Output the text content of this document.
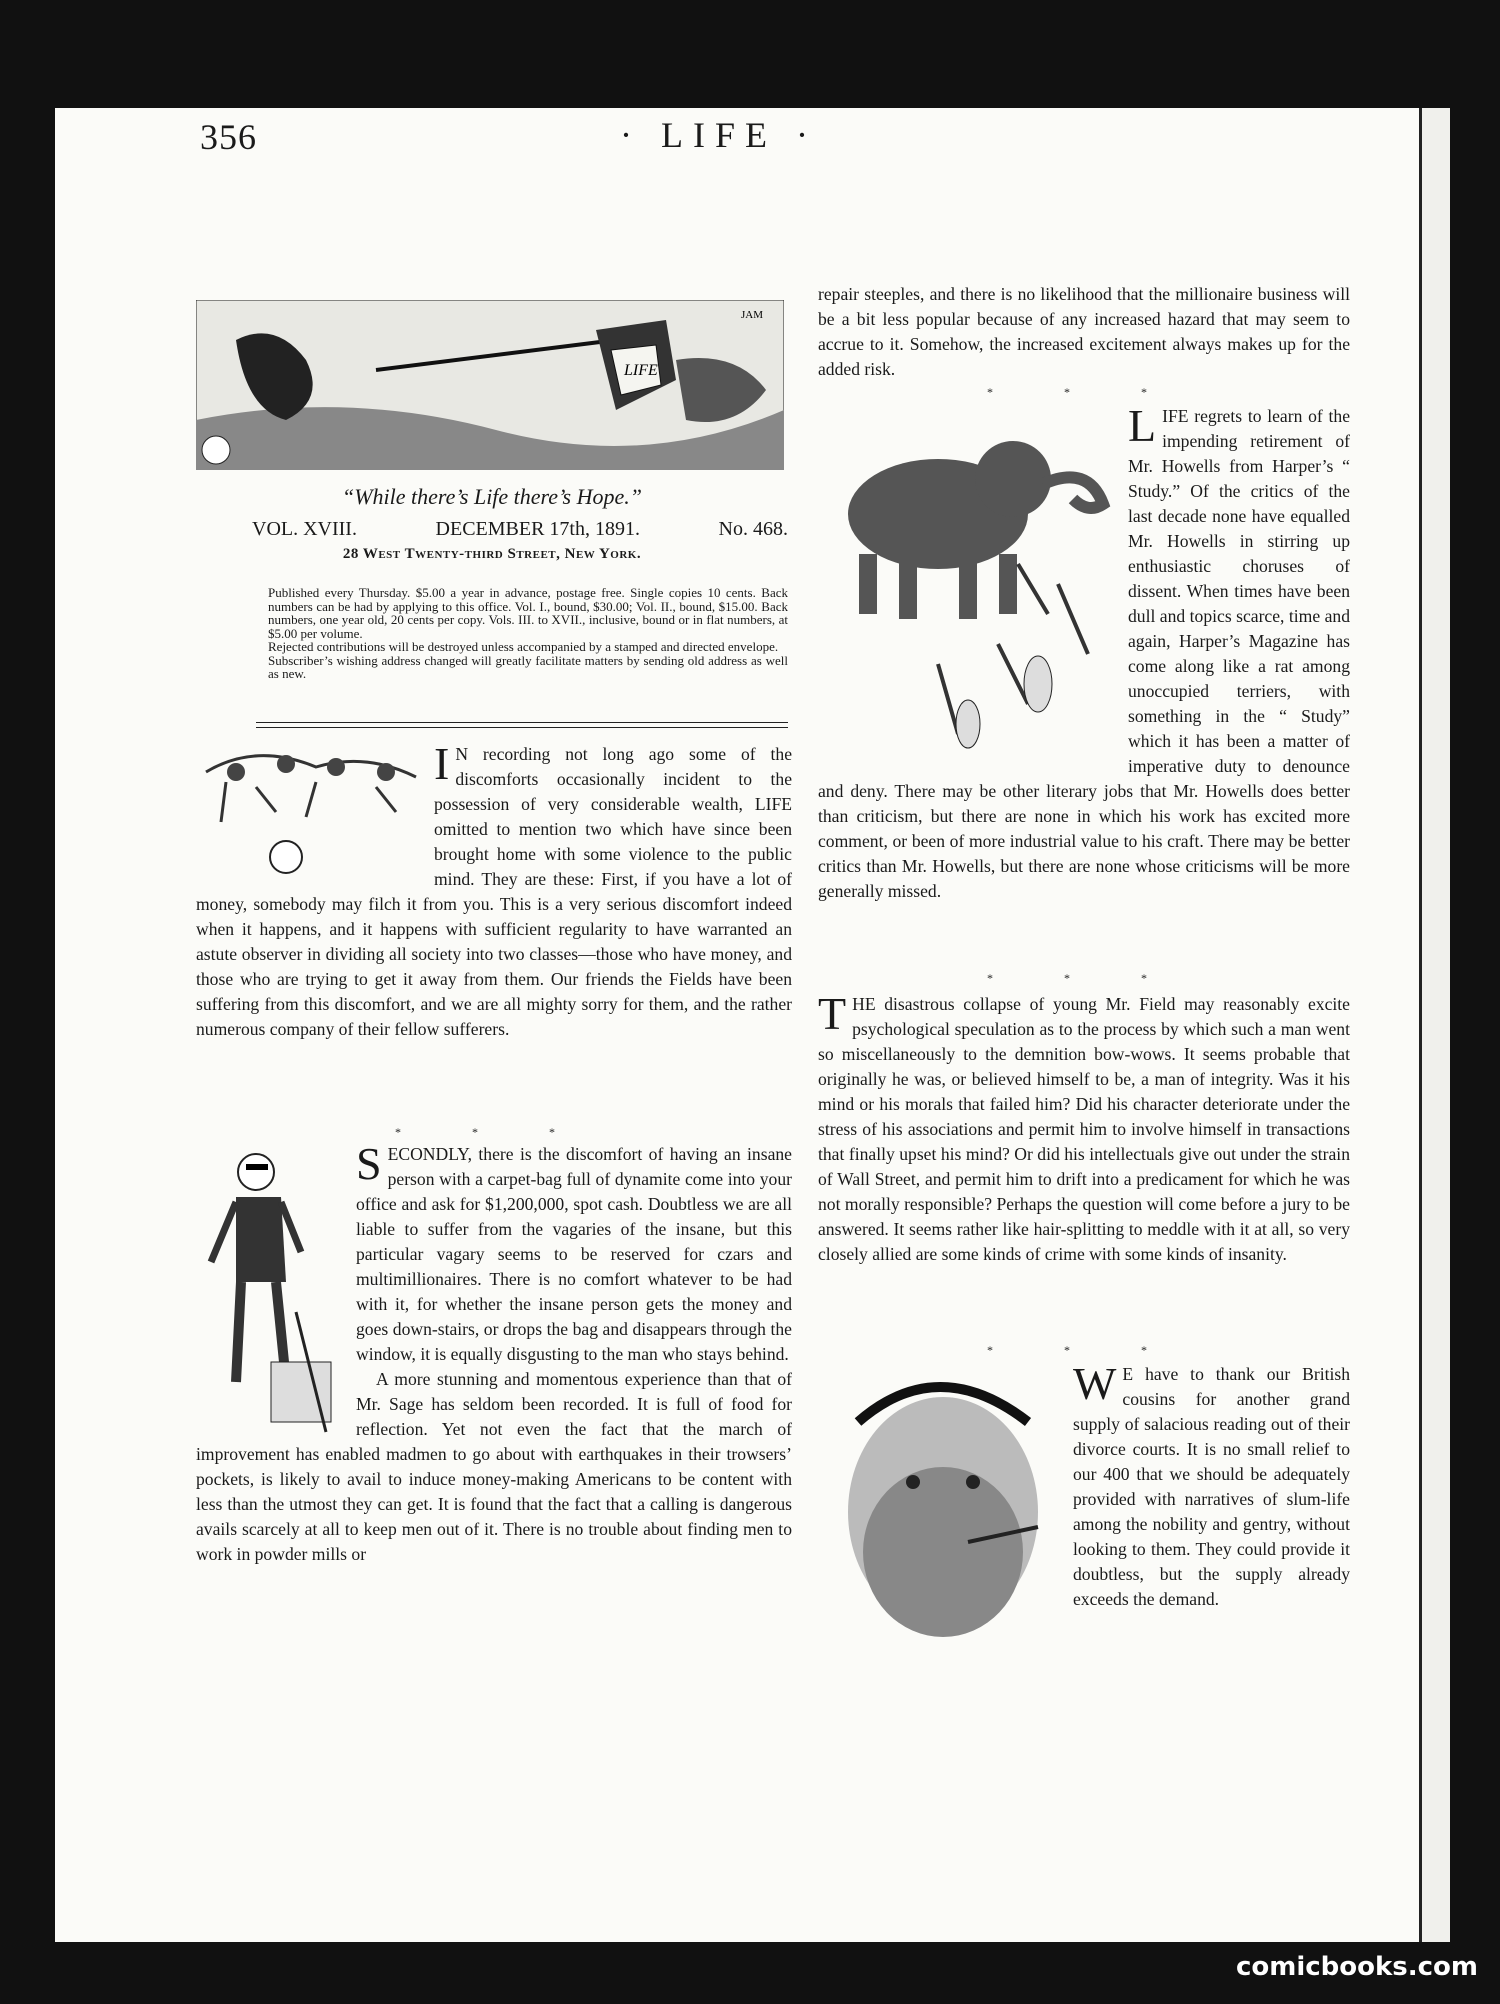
356	· LIFE ·
LIFE
JAM
“While there’s Life there’s Hope.”
VOL. XVIII.	DECEMBER 17th, 1891.	No. 468.
28 West Twenty-third Street, New York.
Published every Thursday. $5.00 a year in advance, postage free. Single copies 10 cents. Back numbers can be had by applying to this office. Vol. I., bound, $30.00; Vol. II., bound, $15.00. Back numbers, one year old, 20 cents per copy. Vols. III. to XVII., inclusive, bound or in flat numbers, at $5.00 per volume.
Rejected contributions will be destroyed unless accompanied by a stamped and directed envelope.
Subscriber’s wishing address changed will greatly facilitate matters by sending old address as well as new.
I N recording not long ago some of the discomforts occasionally incident to the possession of very considerable wealth, LIFE omitted to mention two which have since been brought home with some violence to the public mind. They are these: First, if you have a lot of money, somebody may filch it from you. This is a very serious discomfort indeed when it happens, and it happens with sufficient regularity to have warranted an astute observer in dividing all society into two classes—those who have money, and those who are trying to get it away from them. Our friends the Fields have been suffering from this discomfort, and we are all mighty sorry for them, and the rather numerous company of their fellow sufferers.
* * *
S ECONDLY, there is the discomfort of having an insane person with a carpet-bag full of dynamite come into your office and ask for $1,200,000, spot cash. Doubtless we are all liable to suffer from the vagaries of the insane, but this particular vagary seems to be reserved for czars and multimillionaires. There is no comfort whatever to be had with it, for whether the insane person gets the money and goes down-stairs, or drops the bag and disappears through the window, it is equally disgusting to the man who stays behind.

A more stunning and momentous experience than that of Mr. Sage has seldom been recorded. It is full of food for reflection. Yet not even the fact that the march of improvement has enabled madmen to go about with earthquakes in their trowsers’ pockets, is likely to avail to induce money-making Americans to be content with less than the utmost they can get. It is found that the fact that a calling is dangerous avails scarcely at all to keep men out of it. There is no trouble about finding men to work in powder mills or

repair steeples, and there is no likelihood that the millionaire business will be a bit less popular because of any increased hazard that may seem to accrue to it. Somehow, the increased excitement always makes up for the added risk.
* * *
L IFE regrets to learn of the impending retirement of Mr. Howells from Harper’s “ Study.” Of the critics of the last decade none have equalled Mr. Howells in stirring up enthusiastic choruses of dissent. When times have been dull and topics scarce, time and again, Harper’s Magazine has come along like a rat among unoccupied terriers, with something in the “ Study” which it has been a matter of imperative duty to denounce and deny. There may be other literary jobs that Mr. Howells does better than criticism, but there are none in which his work has excited more comment, or been of more industrial value to his craft. There may be better critics than Mr. Howells, but there are none whose criticisms will be more generally missed.
* * *
T HE disastrous collapse of young Mr. Field may reasonably excite psychological speculation as to the process by which such a man went so miscellaneously to the demnition bow-wows. It seems probable that originally he was, or believed himself to be, a man of integrity. Was it his mind or his morals that failed him? Did his character deteriorate under the stress of his associations and permit him to involve himself in transactions that finally upset his mind? Or did his intellectuals give out under the strain of Wall Street, and permit him to drift into a predicament for which he was not morally responsible? Perhaps the question will come before a jury to be answered. It seems rather like hair-splitting to meddle with it at all, so very closely allied are some kinds of crime with some kinds of insanity.
* * *
W E have to thank our British cousins for another grand supply of salacious reading out of their divorce courts. It is no small relief to our 400 that we should be adequately provided with narratives of slum-life among the nobility and gentry, without looking to them. They could provide it doubtless, but the supply already exceeds the demand.
comicbooks.com
